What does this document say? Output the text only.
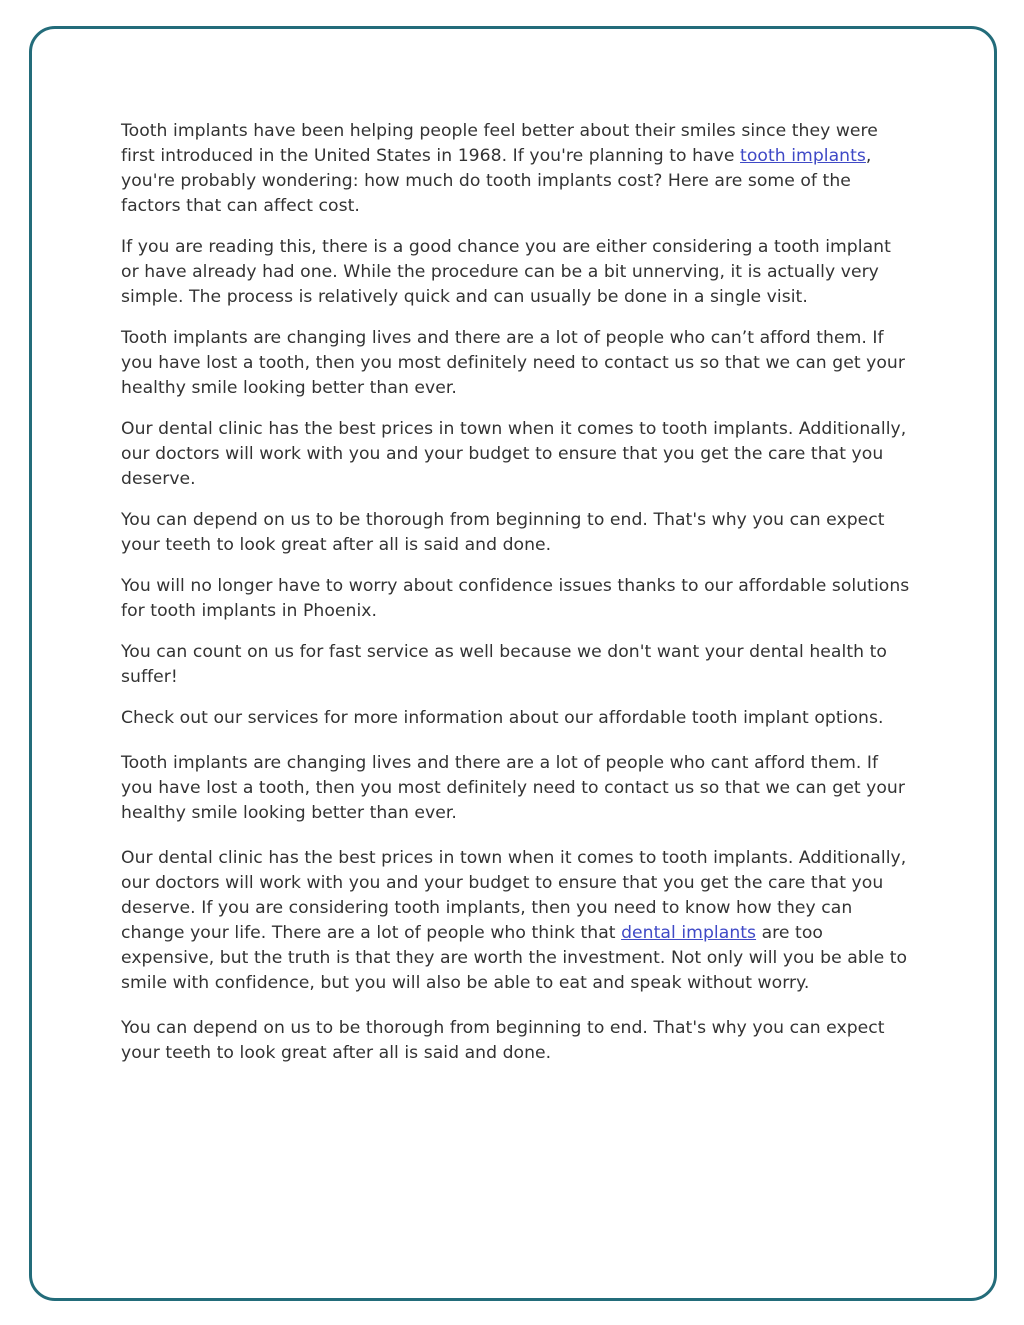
Tooth implants have been helping people feel better about their smiles since they were first introduced in the United States in 1968. If you're planning to have tooth implants, you're probably wondering: how much do tooth implants cost? Here are some of the factors that can affect cost.

If you are reading this, there is a good chance you are either considering a tooth implant or have already had one. While the procedure can be a bit unnerving, it is actually very simple. The process is relatively quick and can usually be done in a single visit.

Tooth implants are changing lives and there are a lot of people who can’t afford them. If you have lost a tooth, then you most definitely need to contact us so that we can get your healthy smile looking better than ever.

Our dental clinic has the best prices in town when it comes to tooth implants. Additionally, our doctors will work with you and your budget to ensure that you get the care that you deserve.

You can depend on us to be thorough from beginning to end. That's why you can expect your teeth to look great after all is said and done.

You will no longer have to worry about confidence issues thanks to our affordable solutions for tooth implants in Phoenix.

You can count on us for fast service as well because we don't want your dental health to suffer!

Check out our services for more information about our affordable tooth implant options.

Tooth implants are changing lives and there are a lot of people who cant afford them. If you have lost a tooth, then you most definitely need to contact us so that we can get your healthy smile looking better than ever.

Our dental clinic has the best prices in town when it comes to tooth implants. Additionally, our doctors will work with you and your budget to ensure that you get the care that you deserve. If you are considering tooth implants, then you need to know how they can change your life. There are a lot of people who think that dental implants are too expensive, but the truth is that they are worth the investment. Not only will you be able to smile with confidence, but you will also be able to eat and speak without worry.

You can depend on us to be thorough from beginning to end. That's why you can expect your teeth to look great after all is said and done.
